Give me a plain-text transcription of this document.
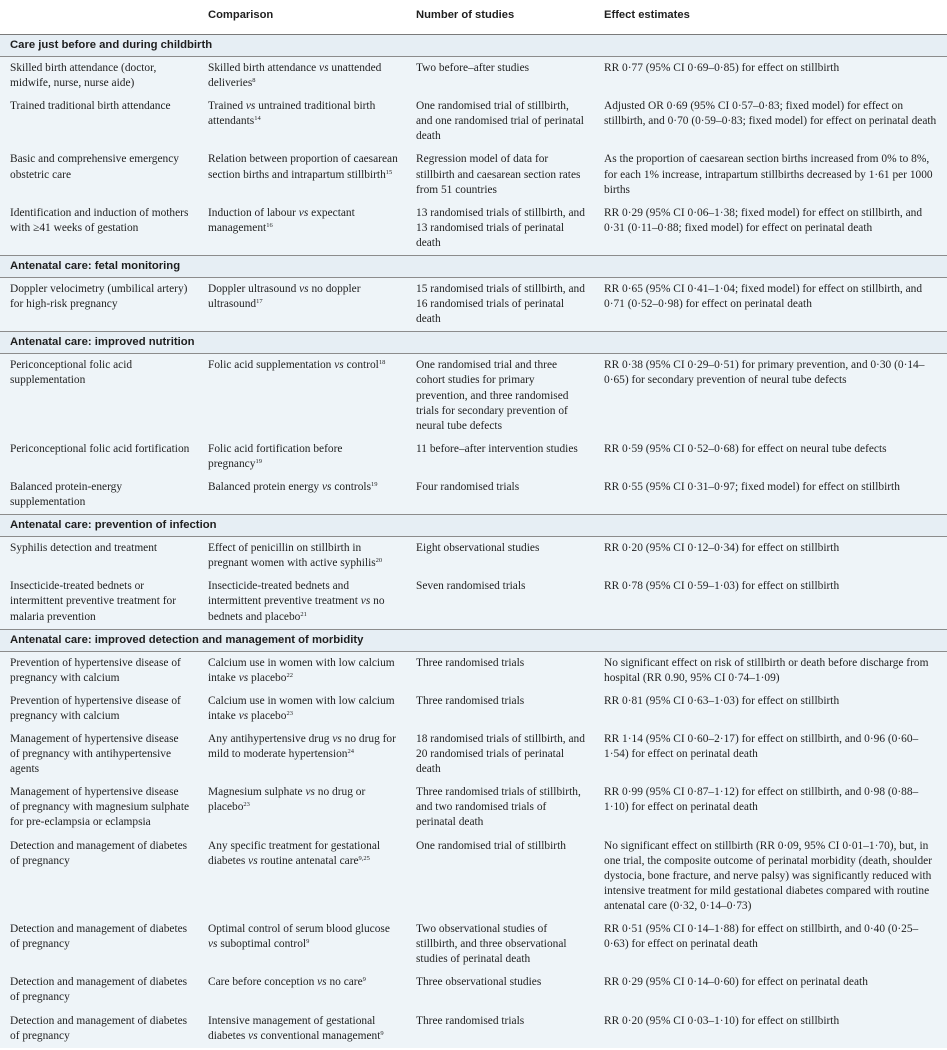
	Comparison	Number of studies	Effect estimates
Care just before and during childbirth			
Skilled birth attendance (doctor, midwife, nurse, nurse aide)	Skilled birth attendance vs unattended deliveries$^8$	Two before–after studies	RR 0·77 (95% CI 0·69–0·85) for effect on stillbirth
Trained traditional birth attendance	Trained vs untrained traditional birth attendants$^{14}$	One randomised trial of stillbirth, and one randomised trial of perinatal death	Adjusted OR 0·69 (95% CI 0·57–0·83; fixed model) for effect on stillbirth, and 0·70 (0·59–0·83; fixed model) for effect on perinatal death
Basic and comprehensive emergency obstetric care	Relation between proportion of caesarean section births and intrapartum stillbirth$^{15}$	Regression model of data for stillbirth and caesarean section rates from 51 countries	As the proportion of caesarean section births increased from 0% to 8%, for each 1% increase, intrapartum stillbirths decreased by 1·61 per 1000 births
Identification and induction of mothers with ≥41 weeks of gestation	Induction of labour vs expectant management$^{16}$	13 randomised trials of stillbirth, and 13 randomised trials of perinatal death	RR 0·29 (95% CI 0·06–1·38; fixed model) for effect on stillbirth, and 0·31 (0·11–0·88; fixed model) for effect on perinatal death
Antenatal care: fetal monitoring			
Doppler velocimetry (umbilical artery) for high-risk pregnancy	Doppler ultrasound vs no doppler ultrasound$^{17}$	15 randomised trials of stillbirth, and 16 randomised trials of perinatal death	RR 0·65 (95% CI 0·41–1·04; fixed model) for effect on stillbirth, and 0·71 (0·52–0·98) for effect on perinatal death
Antenatal care: improved nutrition			
Periconceptional folic acid supplementation	Folic acid supplementation vs control$^{18}$	One randomised trial and three cohort studies for primary prevention, and three randomised trials for secondary prevention of neural tube defects	RR 0·38 (95% CI 0·29–0·51) for primary prevention, and 0·30 (0·14–0·65) for secondary prevention of neural tube defects
Periconceptional folic acid fortification	Folic acid fortification before pregnancy$^{19}$	11 before–after intervention studies	RR 0·59 (95% CI 0·52–0·68) for effect on neural tube defects
Balanced protein-energy supplementation	Balanced protein energy vs controls$^{19}$	Four randomised trials	RR 0·55 (95% CI 0·31–0·97; fixed model) for effect on stillbirth
Antenatal care: prevention of infection			
Syphilis detection and treatment	Effect of penicillin on stillbirth in pregnant women with active syphilis$^{20}$	Eight observational studies	RR 0·20 (95% CI 0·12–0·34) for effect on stillbirth
Insecticide-treated bednets or intermittent preventive treatment for malaria prevention	Insecticide-treated bednets and intermittent preventive treatment vs no bednets and placebo$^{21}$	Seven randomised trials	RR 0·78 (95% CI 0·59–1·03) for effect on stillbirth
Antenatal care: improved detection and management of morbidity			
Prevention of hypertensive disease of pregnancy with calcium	Calcium use in women with low calcium intake vs placebo$^{22}$	Three randomised trials	No significant effect on risk of stillbirth or death before discharge from hospital (RR 0.90, 95% CI 0·74–1·09)
Prevention of hypertensive disease of pregnancy with calcium	Calcium use in women with low calcium intake vs placebo$^{23}$	Three randomised trials	RR 0·81 (95% CI 0·63–1·03) for effect on stillbirth
Management of hypertensive disease of pregnancy with antihypertensive agents	Any antihypertensive drug vs no drug for mild to moderate hypertension$^{24}$	18 randomised trials of stillbirth, and 20 randomised trials of perinatal death	RR 1·14 (95% CI 0·60–2·17) for effect on stillbirth, and 0·96 (0·60–1·54) for effect on perinatal death
Management of hypertensive disease of pregnancy with magnesium sulphate for pre-eclampsia or eclampsia	Magnesium sulphate vs no drug or placebo$^{23}$	Three randomised trials of stillbirth, and two randomised trials of perinatal death	RR 0·99 (95% CI 0·87–1·12) for effect on stillbirth, and 0·98 (0·88–1·10) for effect on perinatal death
Detection and management of diabetes of pregnancy	Any specific treatment for gestational diabetes vs routine antenatal care$^{9,25}$	One randomised trial of stillbirth	No significant effect on stillbirth (RR 0·09, 95% CI 0·01–1·70), but, in one trial, the composite outcome of perinatal morbidity (death, shoulder dystocia, bone fracture, and nerve palsy) was significantly reduced with intensive treatment for mild gestational diabetes compared with routine antenatal care (0·32, 0·14–0·73)
Detection and management of diabetes of pregnancy	Optimal control of serum blood glucose vs suboptimal control$^9$	Two observational studies of stillbirth, and three observational studies of perinatal death	RR 0·51 (95% CI 0·14–1·88) for effect on stillbirth, and 0·40 (0·25–0·63) for effect on perinatal death
Detection and management of diabetes of pregnancy	Care before conception vs no care$^9$	Three observational studies	RR 0·29 (95% CI 0·14–0·60) for effect on perinatal death
Detection and management of diabetes of pregnancy	Intensive management of gestational diabetes vs conventional management$^9$	Three randomised trials	RR 0·20 (95% CI 0·03–1·10) for effect on stillbirth
